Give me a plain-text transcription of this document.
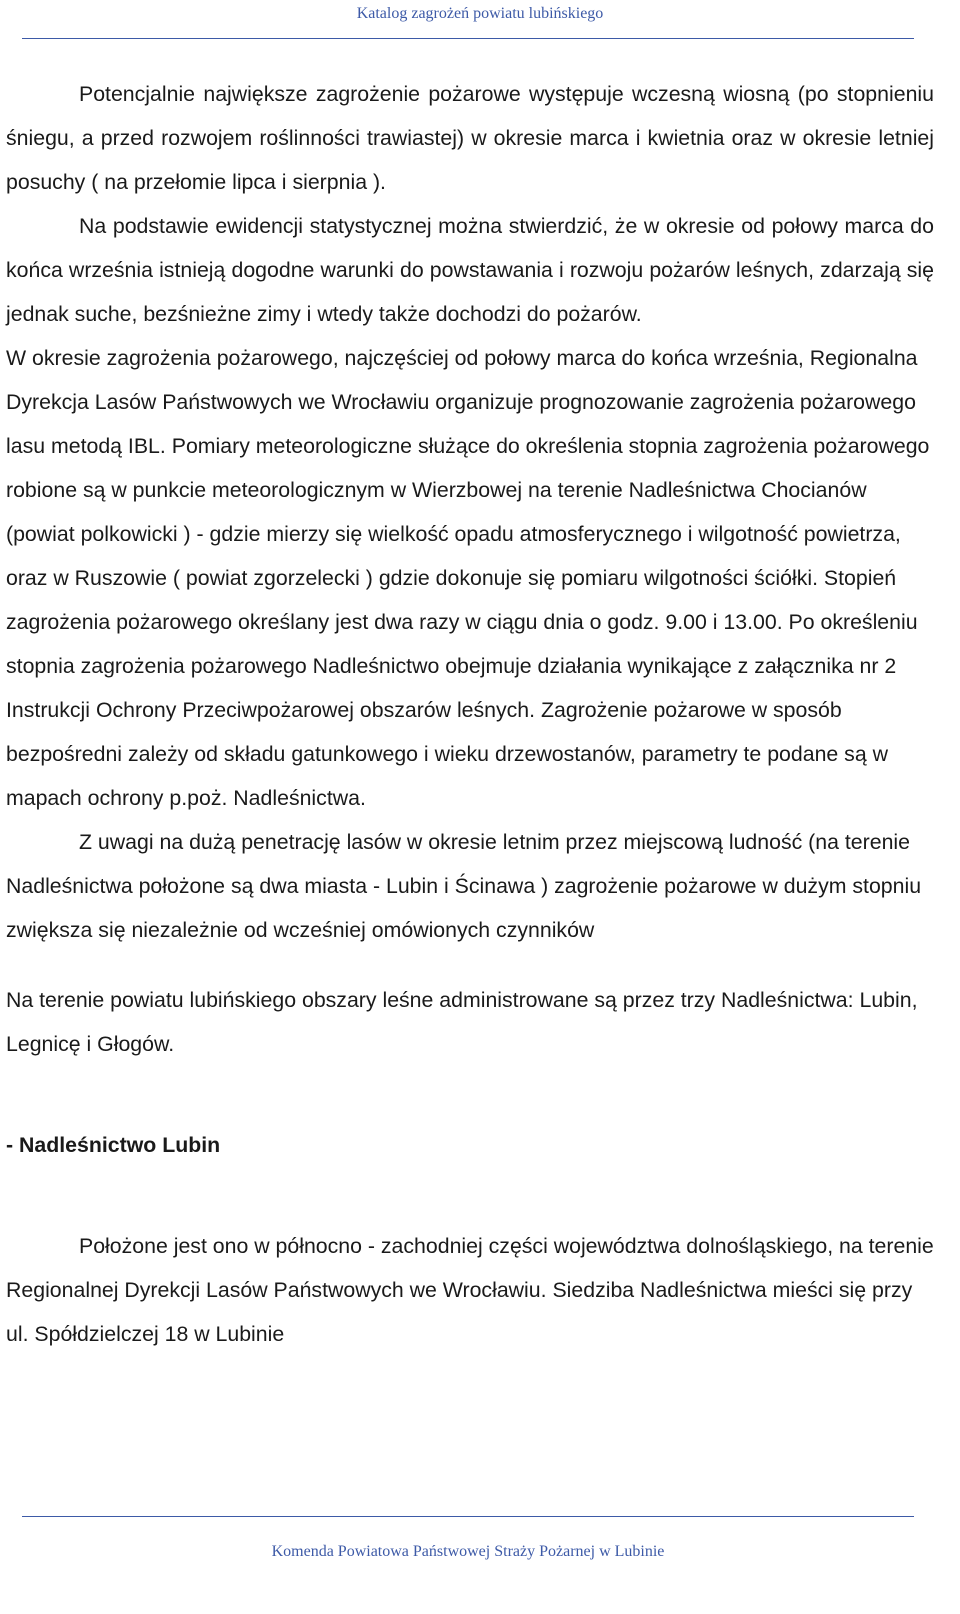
Katalog zagrożeń powiatu lubińskiego

Potencjalnie największe zagrożenie pożarowe występuje wczesną wiosną (po stopnieniu śniegu, a przed rozwojem roślinności trawiastej) w okresie marca i kwietnia oraz w okresie letniej posuchy ( na przełomie lipca i sierpnia ).

Na podstawie ewidencji statystycznej można stwierdzić, że w okresie od połowy marca do końca września istnieją dogodne warunki do powstawania i rozwoju pożarów leśnych, zdarzają się jednak suche, bezśnieżne zimy i wtedy także dochodzi do pożarów.

W okresie zagrożenia pożarowego, najczęściej od połowy marca do końca września, Regionalna Dyrekcja Lasów Państwowych we Wrocławiu organizuje prognozowanie zagrożenia pożarowego lasu metodą IBL. Pomiary meteorologiczne służące do określenia stopnia zagrożenia pożarowego robione są w punkcie meteorologicznym w Wierzbowej na terenie Nadleśnictwa Chocianów (powiat polkowicki ) - gdzie mierzy się wielkość opadu atmosferycznego i wilgotność powietrza, oraz w Ruszowie ( powiat zgorzelecki ) gdzie dokonuje się pomiaru wilgotności ściółki. Stopień zagrożenia pożarowego określany jest dwa razy w ciągu dnia o godz. 9.00 i 13.00. Po określeniu stopnia zagrożenia pożarowego Nadleśnictwo obejmuje działania wynikające z załącznika nr 2 Instrukcji Ochrony Przeciwpożarowej obszarów leśnych. Zagrożenie pożarowe w sposób bezpośredni zależy od składu gatunkowego i wieku drzewostanów, parametry te podane są w mapach ochrony p.poż. Nadleśnictwa.

Z uwagi na dużą penetrację lasów w okresie letnim przez miejscową ludność (na terenie Nadleśnictwa położone są dwa miasta - Lubin i Ścinawa ) zagrożenie pożarowe w dużym stopniu zwiększa się niezależnie od wcześniej omówionych czynników

Na terenie powiatu lubińskiego obszary leśne administrowane są przez trzy Nadleśnictwa: Lubin, Legnicę i Głogów.

- Nadleśnictwo Lubin

Położone jest ono w północno - zachodniej części województwa dolnośląskiego, na terenie Regionalnej Dyrekcji Lasów Państwowych we Wrocławiu. Siedziba Nadleśnictwa mieści się przy ul. Spółdzielczej 18 w Lubinie

Komenda Powiatowa Państwowej Straży Pożarnej w Lubinie
